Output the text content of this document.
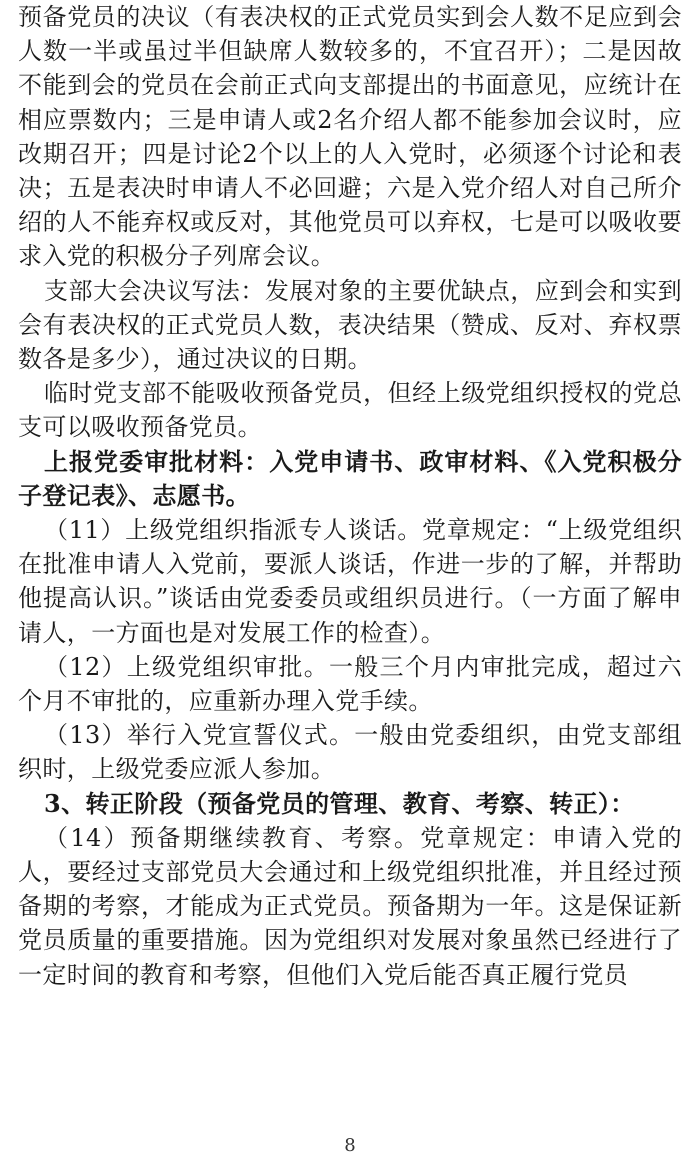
预备党员的决议（有表决权的正式党员实到会人数不足应到会人数一半或虽过半但缺席人数较多的，不宜召开）；二是因故不能到会的党员在会前正式向支部提出的书面意见，应统计在相应票数内；三是申请人或2名介绍人都不能参加会议时，应改期召开；四是讨论2个以上的人入党时，必须逐个讨论和表决；五是表决时申请人不必回避；六是入党介绍人对自己所介绍的人不能弃权或反对，其他党员可以弃权，七是可以吸收要求入党的积极分子列席会议。

支部大会决议写法：发展对象的主要优缺点，应到会和实到会有表决权的正式党员人数，表决结果（赞成、反对、弃权票数各是多少），通过决议的日期。

临时党支部不能吸收预备党员，但经上级党组织授权的党总支可以吸收预备党员。

上报党委审批材料：入党申请书、政审材料、《入党积极分子登记表》、志愿书。

（11）上级党组织指派专人谈话。党章规定：“上级党组织在批准申请人入党前，要派人谈话，作进一步的了解，并帮助他提高认识。”谈话由党委委员或组织员进行。（一方面了解申请人，一方面也是对发展工作的检查）。

（12）上级党组织审批。一般三个月内审批完成，超过六个月不审批的，应重新办理入党手续。

（13）举行入党宣誓仪式。一般由党委组织，由党支部组织时，上级党委应派人参加。

3、转正阶段（预备党员的管理、教育、考察、转正）：

（14）预备期继续教育、考察。党章规定：申请入党的人，要经过支部党员大会通过和上级党组织批准，并且经过预备期的考察，才能成为正式党员。预备期为一年。这是保证新党员质量的重要措施。因为党组织对发展对象虽然已经进行了一定时间的教育和考察，但他们入党后能否真正履行党员

8
